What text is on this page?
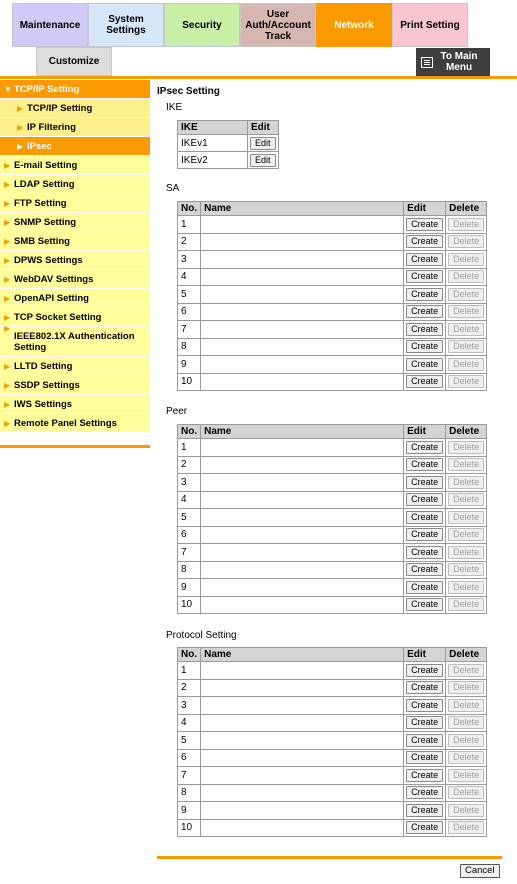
Maintenance	System Settings	Security
User Auth/Account Track
Network	Print Setting
Customize	To Main Menu
▼ TCP/IP Setting
▶ TCP/IP Setting
▶ IP Filtering
▶ IPsec
▶ E-mail Setting
▶ LDAP Setting
▶ FTP Setting
▶ SNMP Setting
▶ SMB Setting
▶ DPWS Settings
▶ WebDAV Settings
▶ OpenAPI Setting
▶ TCP Socket Setting
▶
IEEE802.1X Authentication Setting
▶ LLTD Setting
▶ SSDP Settings
▶ IWS Settings
▶ Remote Panel Settings
IPsec Setting
IKE
IKE	Edit
IKEv1	Edit
IKEv2	Edit
SA
No.	Name	Edit	Delete
1		Create	Delete
2		Create	Delete
3		Create	Delete
4		Create	Delete
5		Create	Delete
6		Create	Delete
7		Create	Delete
8		Create	Delete
9		Create	Delete
10		Create	Delete
Peer
No.	Name	Edit	Delete
1		Create	Delete
2		Create	Delete
3		Create	Delete
4		Create	Delete
5		Create	Delete
6		Create	Delete
7		Create	Delete
8		Create	Delete
9		Create	Delete
10		Create	Delete
Protocol Setting
No.	Name	Edit	Delete
1		Create	Delete
2		Create	Delete
3		Create	Delete
4		Create	Delete
5		Create	Delete
6		Create	Delete
7		Create	Delete
8		Create	Delete
9		Create	Delete
10		Create	Delete
Cancel
